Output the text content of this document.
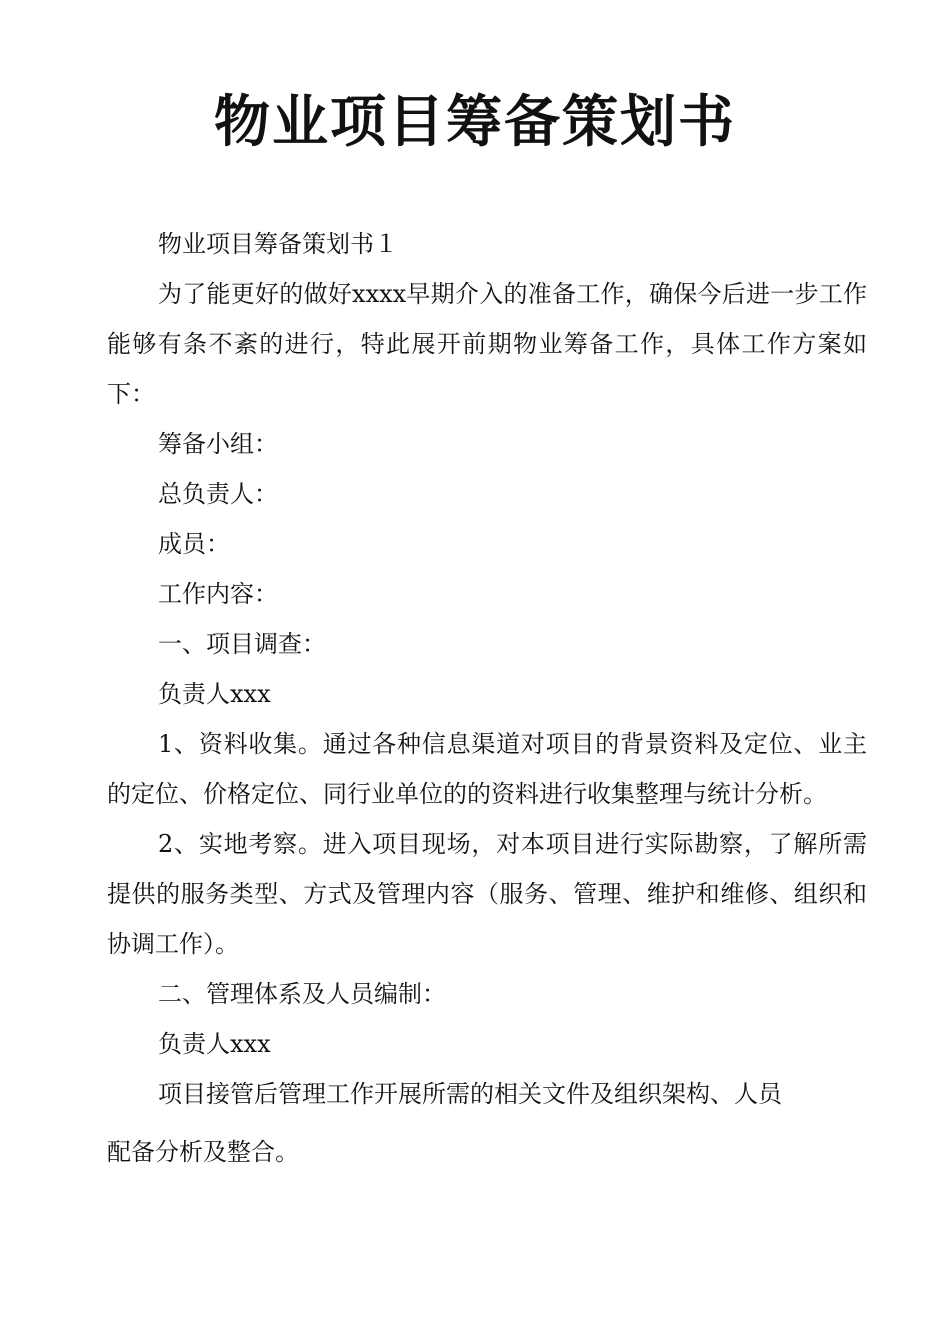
物业项目筹备策划书

物业项目筹备策划书１

为了能更好的做好xxxx早期介入的准备工作，确保今后进一步工作能够有条不紊的进行，特此展开前期物业筹备工作，具体工作方案如下：

筹备小组：

总负责人：

成员：

工作内容：

一、项目调查：

负责人xxx

1、资料收集。通过各种信息渠道对项目的背景资料及定位、业主的定位、价格定位、同行业单位的的资料进行收集整理与统计分析。

2、实地考察。进入项目现场，对本项目进行实际勘察，了解所需提供的服务类型、方式及管理内容（服务、管理、维护和维修、组织和协调工作）。

二、管理体系及人员编制：

负责人xxx

项目接管后管理工作开展所需的相关文件及组织架构、人员

配备分析及整合。
